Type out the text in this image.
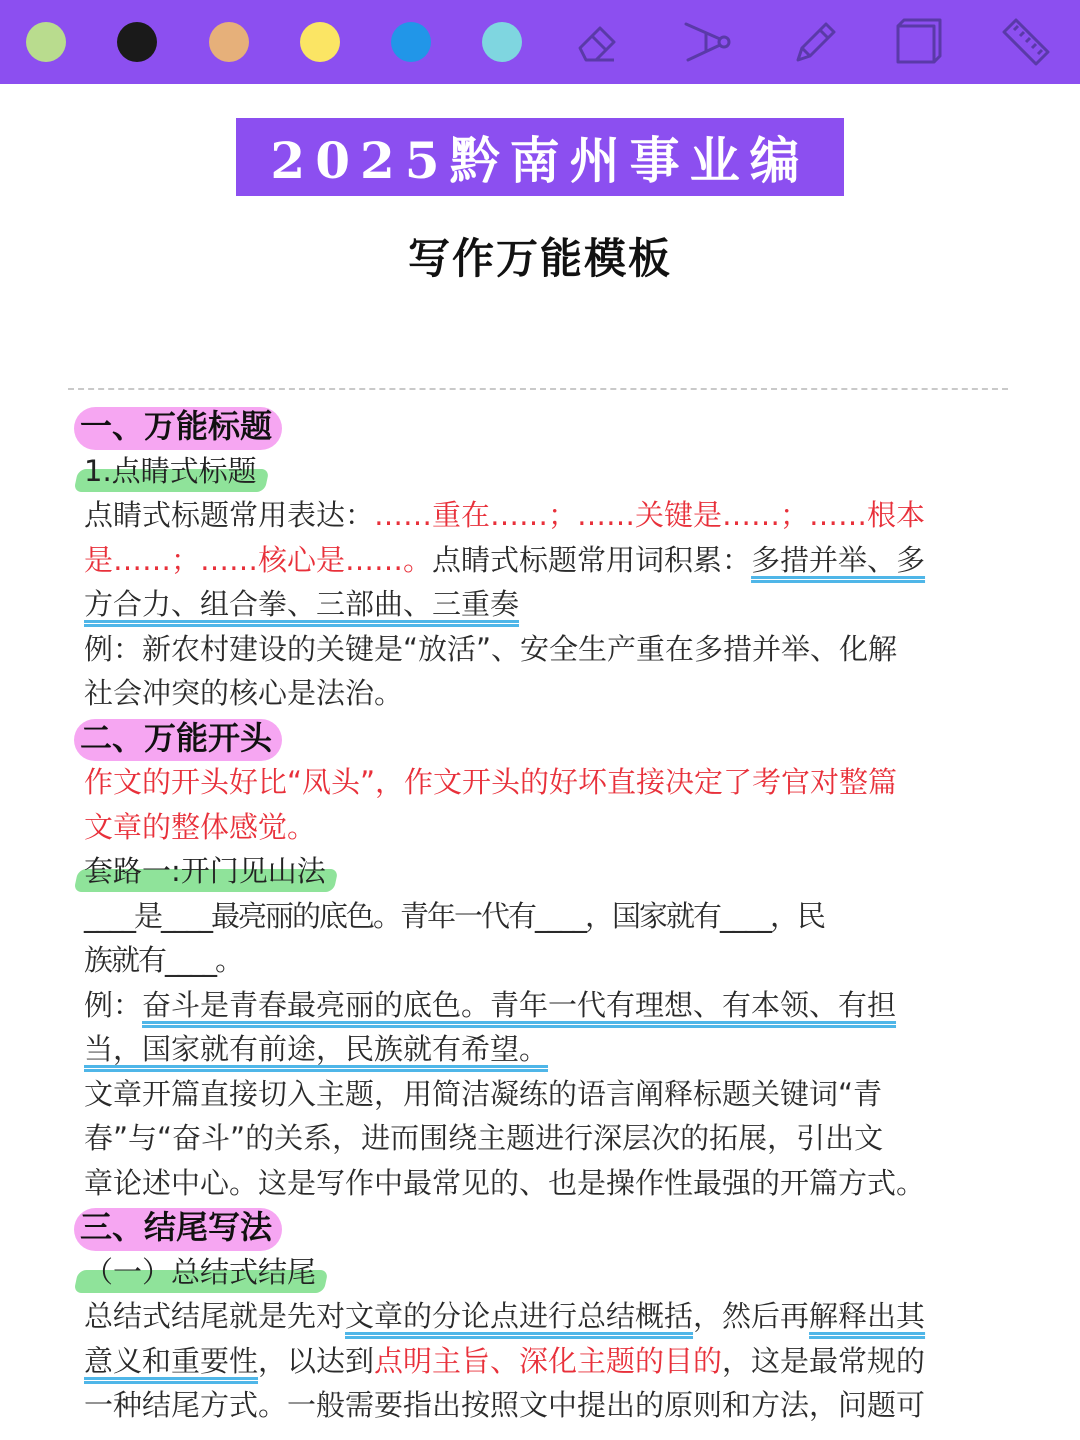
2025黔南州事业编
写作万能模板
一、万能标题
1.点睛式标题
点睛式标题常用表达：……重在……；……关键是……；……根本
是……；……核心是……。点睛式标题常用词积累：多措并举、多
方合力、组合拳、三部曲、三重奏
例：新农村建设的关键是“放活”、安全生产重在多措并举、化解
社会冲突的核心是法治。
二、万能开头
作文的开头好比“凤头”，作文开头的好坏直接决定了考官对整篇
文章的整体感觉。
套路一:开门见山法
____是____最亮丽的底色。青年一代有____，国家就有____，民
族就有____。
例：奋斗是青春最亮丽的底色。青年一代有理想、有本领、有担
当，国家就有前途，民族就有希望。
文章开篇直接切入主题，用简洁凝练的语言阐释标题关键词“青
春”与“奋斗”的关系，进而围绕主题进行深层次的拓展，引出文
章论述中心。这是写作中最常见的、也是操作性最强的开篇方式。
三、结尾写法
（一）总结式结尾
总结式结尾就是先对文章的分论点进行总结概括，然后再解释出其
意义和重要性，以达到点明主旨、深化主题的目的，这是最常规的
一种结尾方式。一般需要指出按照文中提出的原则和方法，问题可
